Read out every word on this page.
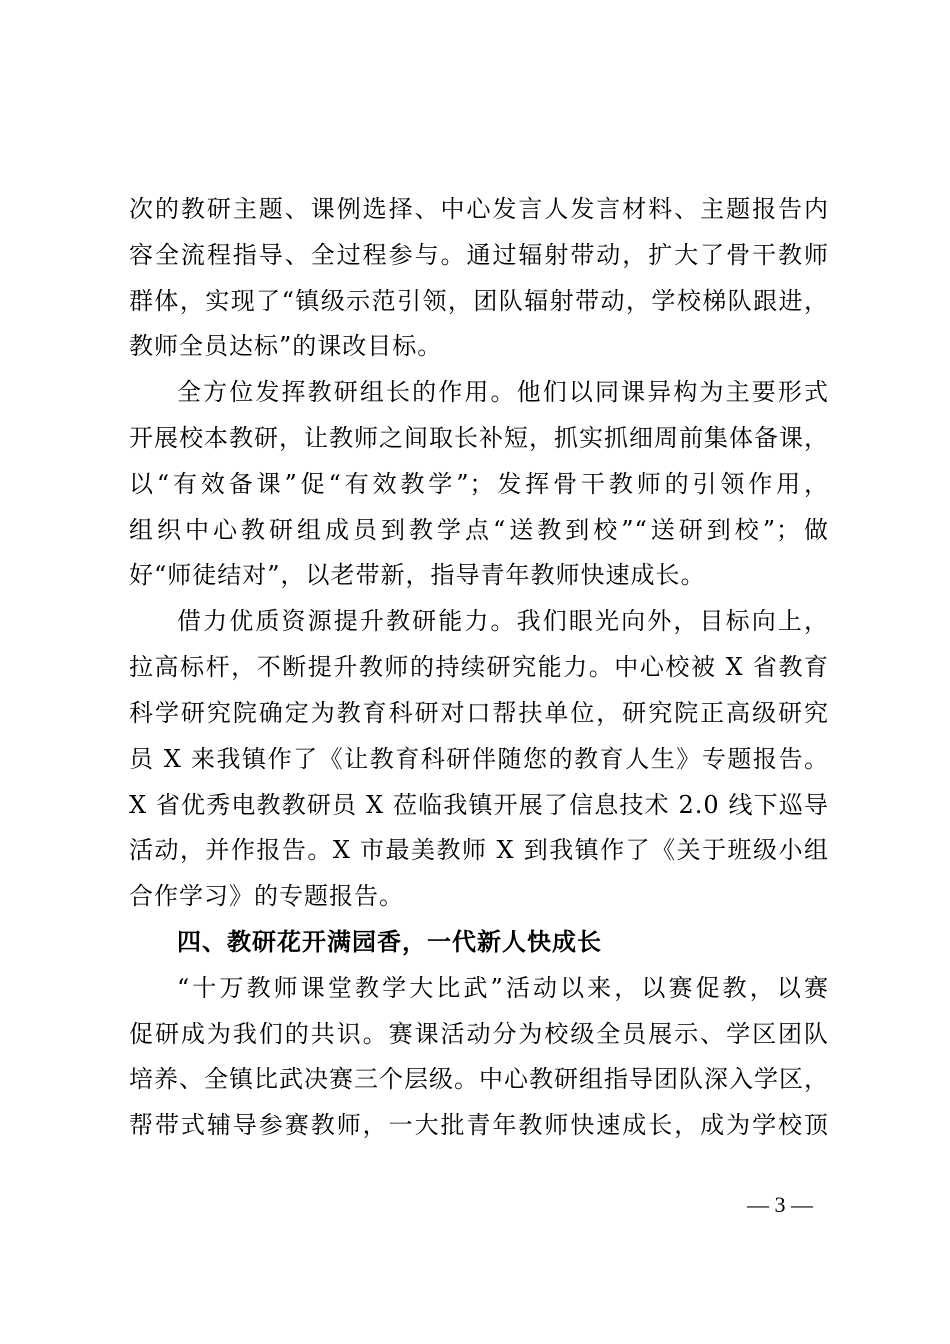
次的教研主题、课例选择、中心发言人发言材料、主题报告内
容全流程指导、全过程参与。通过辐射带动，扩大了骨干教师
群体，实现了“镇级示范引领，团队辐射带动，学校梯队跟进，
教师全员达标”的课改目标。
全方位发挥教研组长的作用。他们以同课异构为主要形式
开展校本教研，让教师之间取长补短，抓实抓细周前集体备课，
以“有效备课”促“有效教学”；发挥骨干教师的引领作用，
组织中心教研组成员到教学点“送教到校”“送研到校”；做
好“师徒结对”，以老带新，指导青年教师快速成长。
借力优质资源提升教研能力。我们眼光向外，目标向上，
拉高标杆，不断提升教师的持续研究能力。中心校被 X 省教育
科学研究院确定为教育科研对口帮扶单位，研究院正高级研究
员 X 来我镇作了《让教育科研伴随您的教育人生》专题报告。
X 省优秀电教教研员 X 莅临我镇开展了信息技术 2.0 线下巡导
活动，并作报告。X 市最美教师 X 到我镇作了《关于班级小组
合作学习》的专题报告。
四、教研花开满园香，一代新人快成长
“十万教师课堂教学大比武”活动以来，以赛促教，以赛
促研成为我们的共识。赛课活动分为校级全员展示、学区团队
培养、全镇比武决赛三个层级。中心教研组指导团队深入学区，
帮带式辅导参赛教师，一大批青年教师快速成长，成为学校顶
— 3 —
